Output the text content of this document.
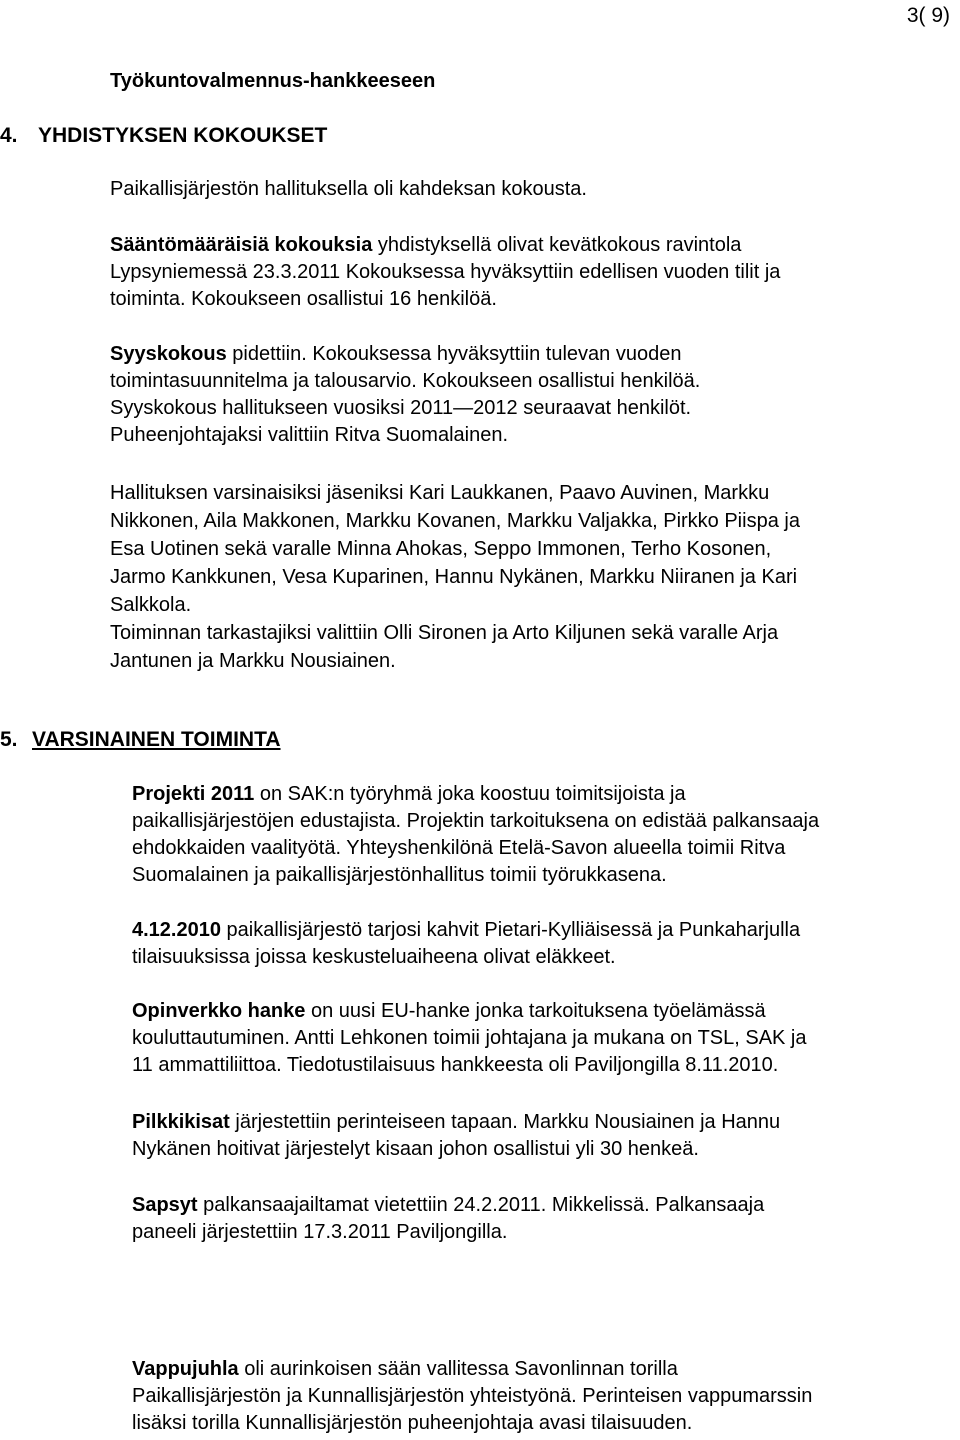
3( 9)
Työkuntovalmennus-hankkeeseen
4. YHDISTYKSEN KOKOUKSET
Paikallisjärjestön hallituksella oli kahdeksan kokousta.
Sääntömääräisiä kokouksia yhdistyksellä olivat kevätkokous ravintola
Lypsyniemessä 23.3.2011 Kokouksessa hyväksyttiin edellisen vuoden tilit ja
toiminta. Kokoukseen osallistui 16 henkilöä.
Syyskokous pidettiin. Kokouksessa hyväksyttiin tulevan vuoden
toimintasuunnitelma ja talousarvio. Kokoukseen osallistui henkilöä.
Syyskokous hallitukseen vuosiksi 2011—2012 seuraavat henkilöt.
Puheenjohtajaksi valittiin Ritva Suomalainen.
Hallituksen varsinaisiksi jäseniksi Kari Laukkanen, Paavo Auvinen, Markku
Nikkonen, Aila Makkonen, Markku Kovanen, Markku Valjakka, Pirkko Piispa ja
Esa Uotinen sekä varalle Minna Ahokas, Seppo Immonen, Terho Kosonen,
Jarmo Kankkunen, Vesa Kuparinen, Hannu Nykänen, Markku Niiranen ja Kari
Salkkola.
Toiminnan tarkastajiksi valittiin Olli Sironen ja Arto Kiljunen sekä varalle Arja
Jantunen ja Markku Nousiainen.
5. VARSINAINEN TOIMINTA
Projekti 2011 on SAK:n työryhmä joka koostuu toimitsijoista ja
paikallisjärjestöjen edustajista. Projektin tarkoituksena on edistää palkansaaja
ehdokkaiden vaalityötä. Yhteyshenkilönä Etelä-Savon alueella toimii Ritva
Suomalainen ja paikallisjärjestönhallitus toimii työrukkasena.
4.12.2010 paikallisjärjestö tarjosi kahvit Pietari-Kylliäisessä ja Punkaharjulla
tilaisuuksissa joissa keskusteluaiheena olivat eläkkeet.
Opinverkko hanke on uusi EU-hanke jonka tarkoituksena työelämässä
kouluttautuminen. Antti Lehkonen toimii johtajana ja mukana on TSL, SAK ja
11 ammattiliittoa. Tiedotustilaisuus hankkeesta oli Paviljongilla 8.11.2010.
Pilkkikisat järjestettiin perinteiseen tapaan. Markku Nousiainen ja Hannu
Nykänen hoitivat järjestelyt kisaan johon osallistui yli 30 henkeä.
Sapsyt palkansaajailtamat vietettiin 24.2.2011. Mikkelissä. Palkansaaja
paneeli järjestettiin 17.3.2011 Paviljongilla.
Vappujuhla oli aurinkoisen sään vallitessa Savonlinnan torilla
Paikallisjärjestön ja Kunnallisjärjestön yhteistyönä. Perinteisen vappumarssin
lisäksi torilla Kunnallisjärjestön puheenjohtaja avasi tilaisuuden.
